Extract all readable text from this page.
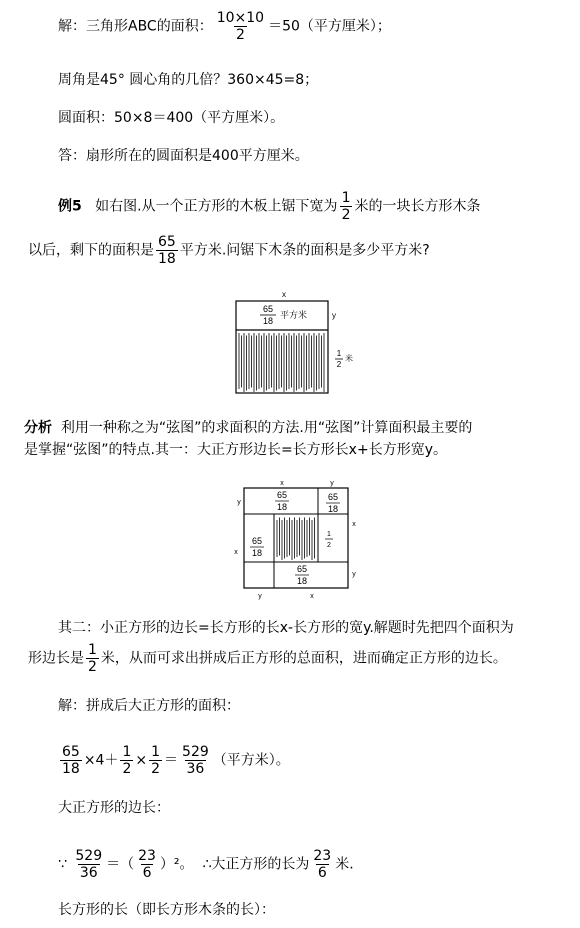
解：三角形ABC的面积： $\frac{10\times 10}{2} =50$（平方厘米）；
周角是45° 圆心角的几倍？360×45=8；
圆面积：50×8＝400（平方厘米）。
答：扇形所在的圆面积是400平方厘米。
例5 如右图.从一个正方形的木板上锯下宽为 $\frac{1}{2}$ 米的一块长方形木条
以后，剩下的面积是 $\frac{65}{18}$ 平方米.问锯下木条的面积是多少平方米?
x
y
65
18
平方米
1
2
米
分析 利用一种称之为“弦图”的求面积的方法.用“弦图”计算面积最主要的
是掌握“弦图”的特点.其一：大正方形边长=长方形长x+长方形宽y。
x	y
y
x
x
y
y	x
65
18
65
18
65
18
65
18
1
2
其二：小正方形的边长=长方形的长x-长方形的宽y.解题时先把四个面积为
形边长是 $\frac{1}{2}$ 米，从而可求出拼成后正方形的总面积，进而确定正方形的边长。
解：拼成后大正方形的面积：
$\frac{65}{18} \times 4+ \frac{1}{2} \times \frac{1}{2} = \frac{529}{36}$ （平方米）。
大正方形的边长：
∵ $\frac{529}{36}$ ＝（ $\frac{23}{6} )^2$。 ∴大正方形的长为 $\frac{23}{6}$ 米.
长方形的长（即长方形木条的长）：
